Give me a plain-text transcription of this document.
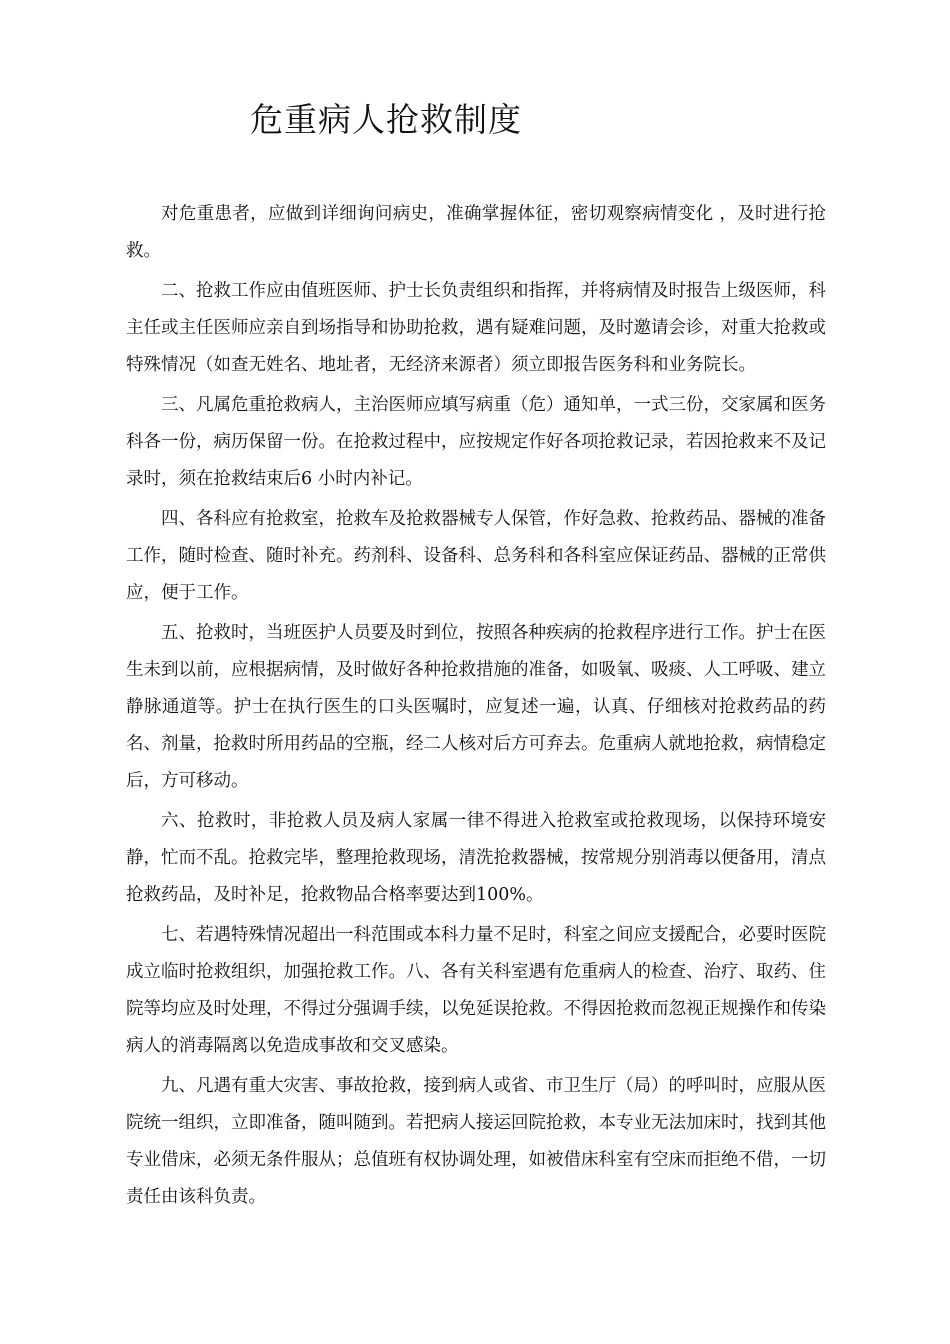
危重病人抢救制度

对危重患者，应做到详细询问病史，准确掌握体征，密切观察病情变化 ，及时进行抢救。

二、抢救工作应由值班医师、护士长负责组织和指挥，并将病情及时报告上级医师，科主任或主任医师应亲自到场指导和协助抢救，遇有疑难问题，及时邀请会诊，对重大抢救或特殊情况（如查无姓名、地址者，无经济来源者）须立即报告医务科和业务院长。

三、凡属危重抢救病人，主治医师应填写病重（危）通知单，一式三份，交家属和医务科各一份，病历保留一份。在抢救过程中，应按规定作好各项抢救记录，若因抢救来不及记录时，须在抢救结束后6 小时内补记。

四、各科应有抢救室，抢救车及抢救器械专人保管，作好急救、抢救药品、器械的准备工作，随时检查、随时补充。药剂科、设备科、总务科和各科室应保证药品、器械的正常供应，便于工作。

五、抢救时，当班医护人员要及时到位，按照各种疾病的抢救程序进行工作。护士在医生未到以前，应根据病情，及时做好各种抢救措施的准备，如吸氧、吸痰、人工呼吸、建立静脉通道等。护士在执行医生的口头医嘱时，应复述一遍，认真、仔细核对抢救药品的药名、剂量，抢救时所用药品的空瓶，经二人核对后方可弃去。危重病人就地抢救，病情稳定后，方可移动。

六、抢救时，非抢救人员及病人家属一律不得进入抢救室或抢救现场，以保持环境安静，忙而不乱。抢救完毕，整理抢救现场，清洗抢救器械，按常规分别消毒以便备用，清点抢救药品，及时补足，抢救物品合格率要达到100%。

七、若遇特殊情况超出一科范围或本科力量不足时，科室之间应支援配合，必要时医院成立临时抢救组织，加强抢救工作。八、各有关科室遇有危重病人的检查、治疗、取药、住院等均应及时处理，不得过分强调手续，以免延误抢救。不得因抢救而忽视正规操作和传染病人的消毒隔离以免造成事故和交叉感染。

九、凡遇有重大灾害、事故抢救，接到病人或省、市卫生厅（局）的呼叫时，应服从医院统一组织，立即准备，随叫随到。若把病人接运回院抢救，本专业无法加床时，找到其他专业借床，必须无条件服从；总值班有权协调处理，如被借床科室有空床而拒绝不借，一切责任由该科负责。
